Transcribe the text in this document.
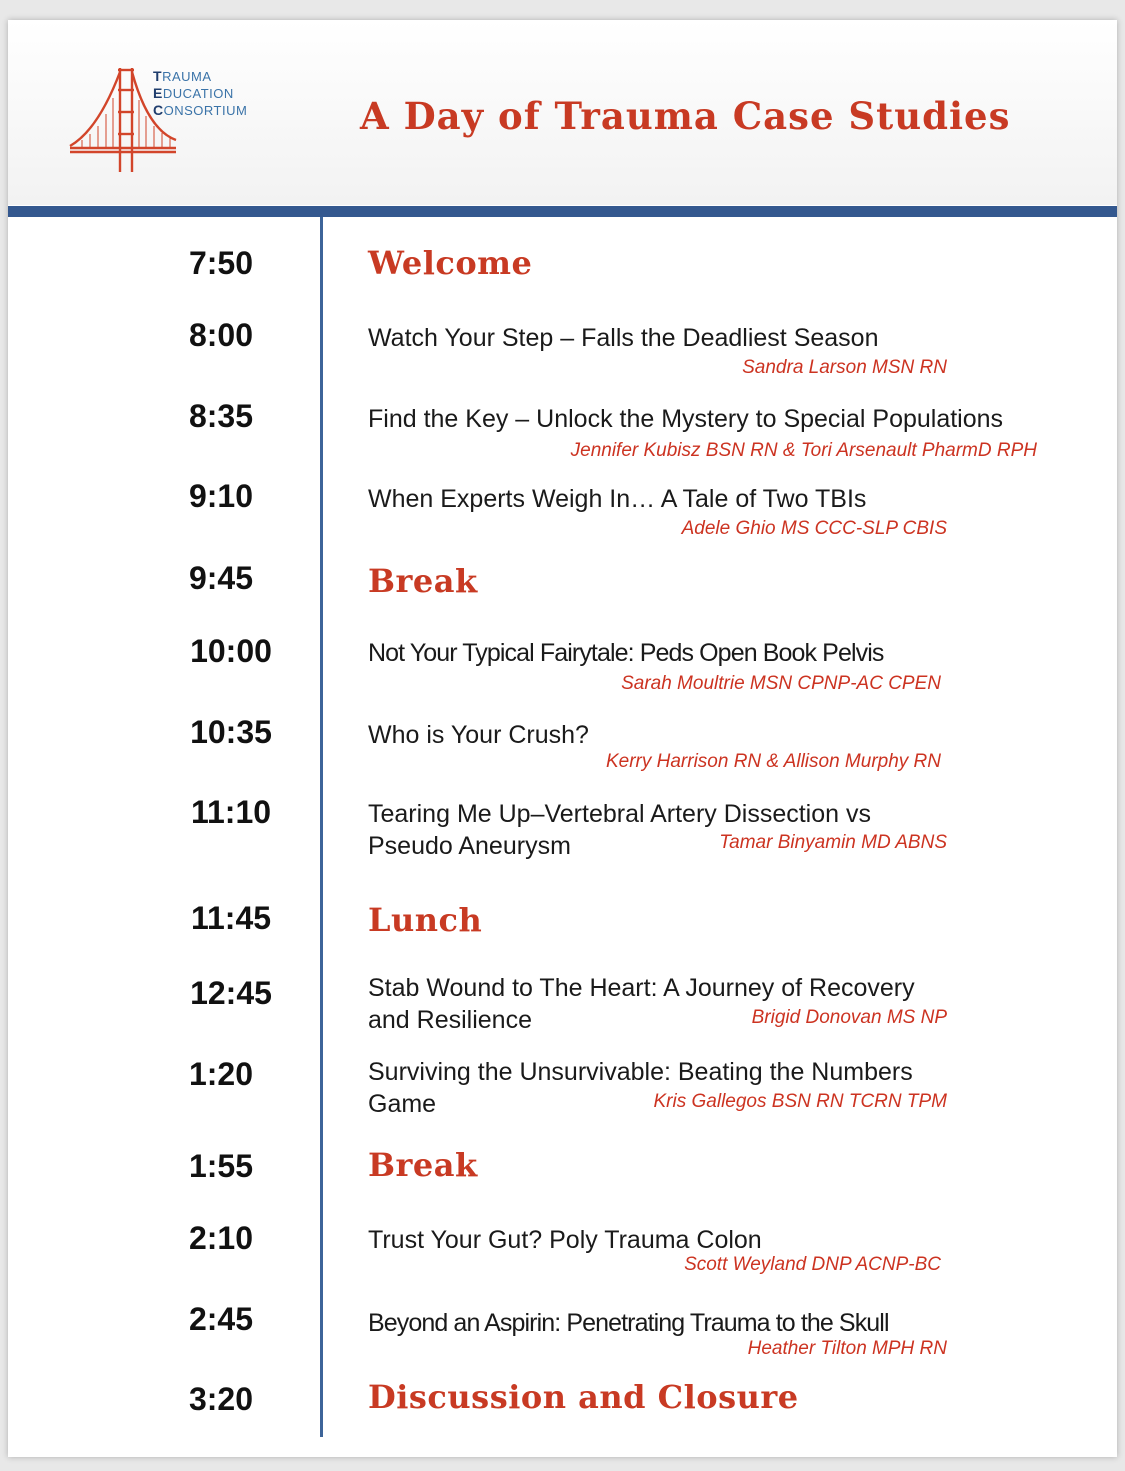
TRAUMA
EDUCATION
CONSORTIUM	A Day of Trauma Case Studies
7:50	Welcome
8:00	Watch Your Step – Falls the Deadliest Season
Sandra Larson MSN RN
8:35	Find the Key – Unlock the Mystery to Special Populations
Jennifer Kubisz BSN RN & Tori Arsenault PharmD RPH
9:10	When Experts Weigh In… A Tale of Two TBIs
Adele Ghio MS CCC-SLP CBIS
9:45	Break
10:00	Not Your Typical Fairytale: Peds Open Book Pelvis
Sarah Moultrie MSN CPNP-AC CPEN
10:35	Who is Your Crush?
Kerry Harrison RN & Allison Murphy RN
11:10	Tearing Me Up–Vertebral Artery Dissection vs
Pseudo Aneurysm	Tamar Binyamin MD ABNS
11:45	Lunch
12:45	Stab Wound to The Heart: A Journey of Recovery
and Resilience	Brigid Donovan MS NP
1:20	Surviving the Unsurvivable: Beating the Numbers
Game	Kris Gallegos BSN RN TCRN TPM
1:55	Break
2:10	Trust Your Gut? Poly Trauma Colon
Scott Weyland DNP ACNP-BC
2:45	Beyond an Aspirin: Penetrating Trauma to the Skull
Heather Tilton MPH RN
3:20	Discussion and Closure
